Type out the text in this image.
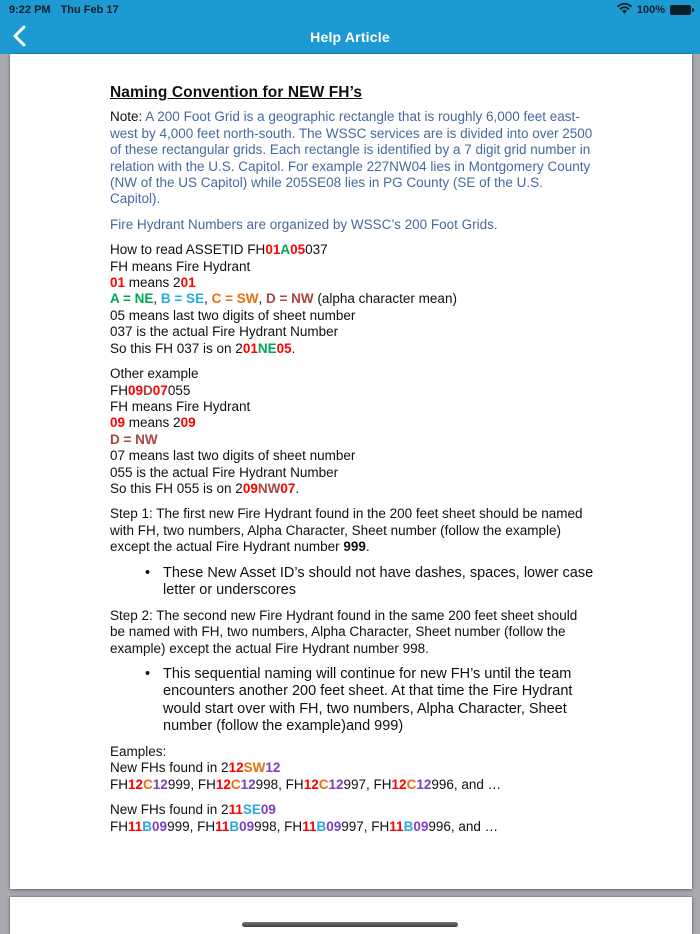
9:22 PM Thu Feb 17	100%
Help Article
Naming Convention for NEW FH’s
Note: A 200 Foot Grid is a geographic rectangle that is roughly 6,000 feet east-west by 4,000 feet north-south. The WSSC services are is divided into over 2500 of these rectangular grids. Each rectangle is identified by a 7 digit grid number in relation with the U.S. Capitol. For example 227NW04 lies in Montgomery County (NW of the US Capitol) while 205SE08 lies in PG County (SE of the U.S. Capitol).
Fire Hydrant Numbers are organized by WSSC’s 200 Foot Grids.
How to read ASSETID FH01A05037
FH means Fire Hydrant
01 means 201
A = NE, B = SE, C = SW, D = NW (alpha character mean)
05 means last two digits of sheet number
037 is the actual Fire Hydrant Number
So this FH 037 is on 201NE05.
Other example
FH09D07055
FH means Fire Hydrant
09 means 209
D = NW
07 means last two digits of sheet number
055 is the actual Fire Hydrant Number
So this FH 055 is on 209NW07.
Step 1: The first new Fire Hydrant found in the 200 feet sheet should be named with FH, two numbers, Alpha Character, Sheet number (follow the example) except the actual Fire Hydrant number 999.
• These New Asset ID’s should not have dashes, spaces, lower case letter or underscores
Step 2: The second new Fire Hydrant found in the same 200 feet sheet should be named with FH, two numbers, Alpha Character, Sheet number (follow the example) except the actual Fire Hydrant number 998.
• This sequential naming will continue for new FH’s until the team encounters another 200 feet sheet. At that time the Fire Hydrant would start over with FH, two numbers, Alpha Character, Sheet number (follow the example)and 999)
Eamples:
New FHs found in 212SW12
FH12C12999, FH12C12998, FH12C12997, FH12C12996, and …
New FHs found in 211SE09
FH11B09999, FH11B09998, FH11B09997, FH11B09996, and …
